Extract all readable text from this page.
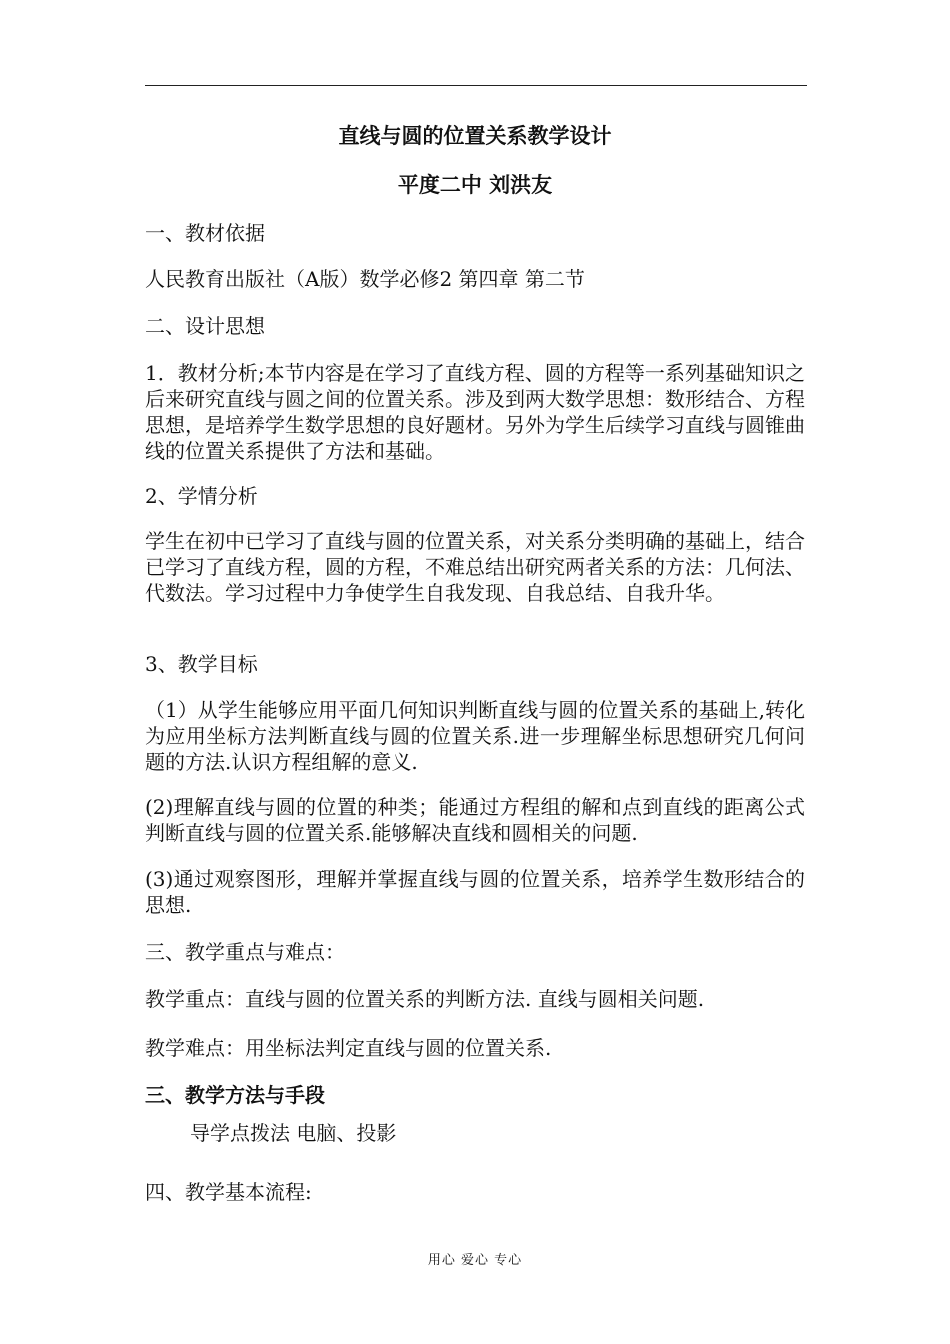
直线与圆的位置关系教学设计
平度二中 刘洪友
一、教材依据
人民教育出版社（A版）数学必修2 第四章 第二节
二、设计思想
1．教材分析;本节内容是在学习了直线方程、圆的方程等一系列基础知识之后来研究直线与圆之间的位置关系。涉及到两大数学思想：数形结合、方程思想，是培养学生数学思想的良好题材。另外为学生后续学习直线与圆锥曲线的位置关系提供了方法和基础。
2、学情分析
学生在初中已学习了直线与圆的位置关系，对关系分类明确的基础上，结合已学习了直线方程，圆的方程，不难总结出研究两者关系的方法：几何法、代数法。学习过程中力争使学生自我发现、自我总结、自我升华。
3、教学目标
（1）从学生能够应用平面几何知识判断直线与圆的位置关系的基础上,转化为应用坐标方法判断直线与圆的位置关系.进一步理解坐标思想研究几何问题的方法.认识方程组解的意义.
(2)理解直线与圆的位置的种类；能通过方程组的解和点到直线的距离公式判断直线与圆的位置关系.能够解决直线和圆相关的问题.
(3)通过观察图形，理解并掌握直线与圆的位置关系，培养学生数形结合的思想.
三、教学重点与难点：
教学重点：直线与圆的位置关系的判断方法. 直线与圆相关问题.
教学难点：用坐标法判定直线与圆的位置关系.
三、教学方法与手段
导学点拨法 电脑、投影
四、教学基本流程:
用心 爱心 专心
